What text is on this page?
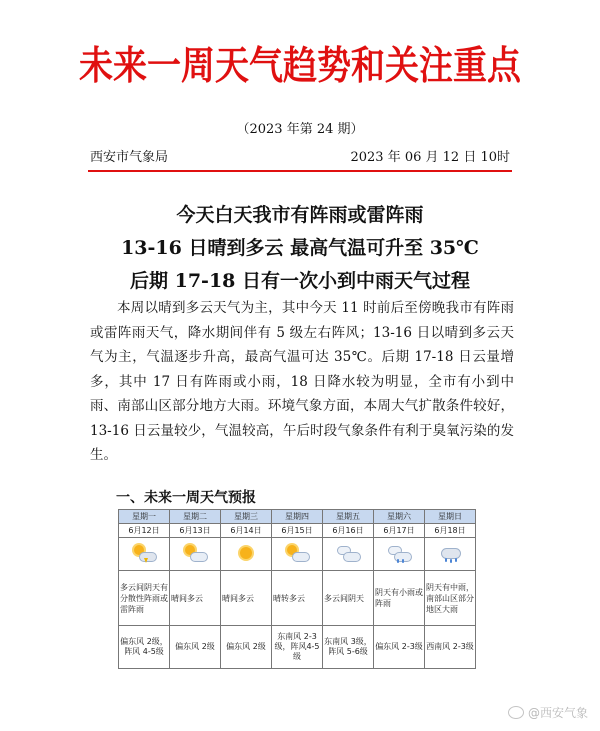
未来一周天气趋势和关注重点
（2023 年第 24 期）
西安市气象局	2023 年 06 月 12 日 10时
今天白天我市有阵雨或雷阵雨
13-16 日晴到多云 最高气温可升至 35℃
后期 17-18 日有一次小到中雨天气过程
本周以晴到多云天气为主，其中今天 11 时前后至傍晚我市有阵雨或雷阵雨天气，降水期间伴有 5 级左右阵风；13-16 日以晴到多云天气为主，气温逐步升高，最高气温可达 35℃。后期 17-18 日云量增多，其中 17 日有阵雨或小雨，18 日降水较为明显，全市有小到中雨、南部山区部分地方大雨。环境气象方面，本周大气扩散条件较好，13-16 日云量较少，气温较高，午后时段气象条件有利于臭氧污染的发生。
一、未来一周天气预报
星期一	星期二	星期三	星期四	星期五	星期六	星期日
6月12日	6月13日	6月14日	6月15日	6月16日	6月17日	6月18日

多云间阴天有分散性阵雨或雷阵雨	晴间多云	晴间多云	晴转多云	多云间阴天	阴天有小雨或阵雨	阴天有中雨，南部山区部分地区大雨
偏东风 2级，阵风 4-5级	偏东风 2级	偏东风 2级	东南风 2-3级，阵风4-5级	东南风 3级，阵风 5-6级	偏东风 2-3级	西南风 2-3级
@西安气象
